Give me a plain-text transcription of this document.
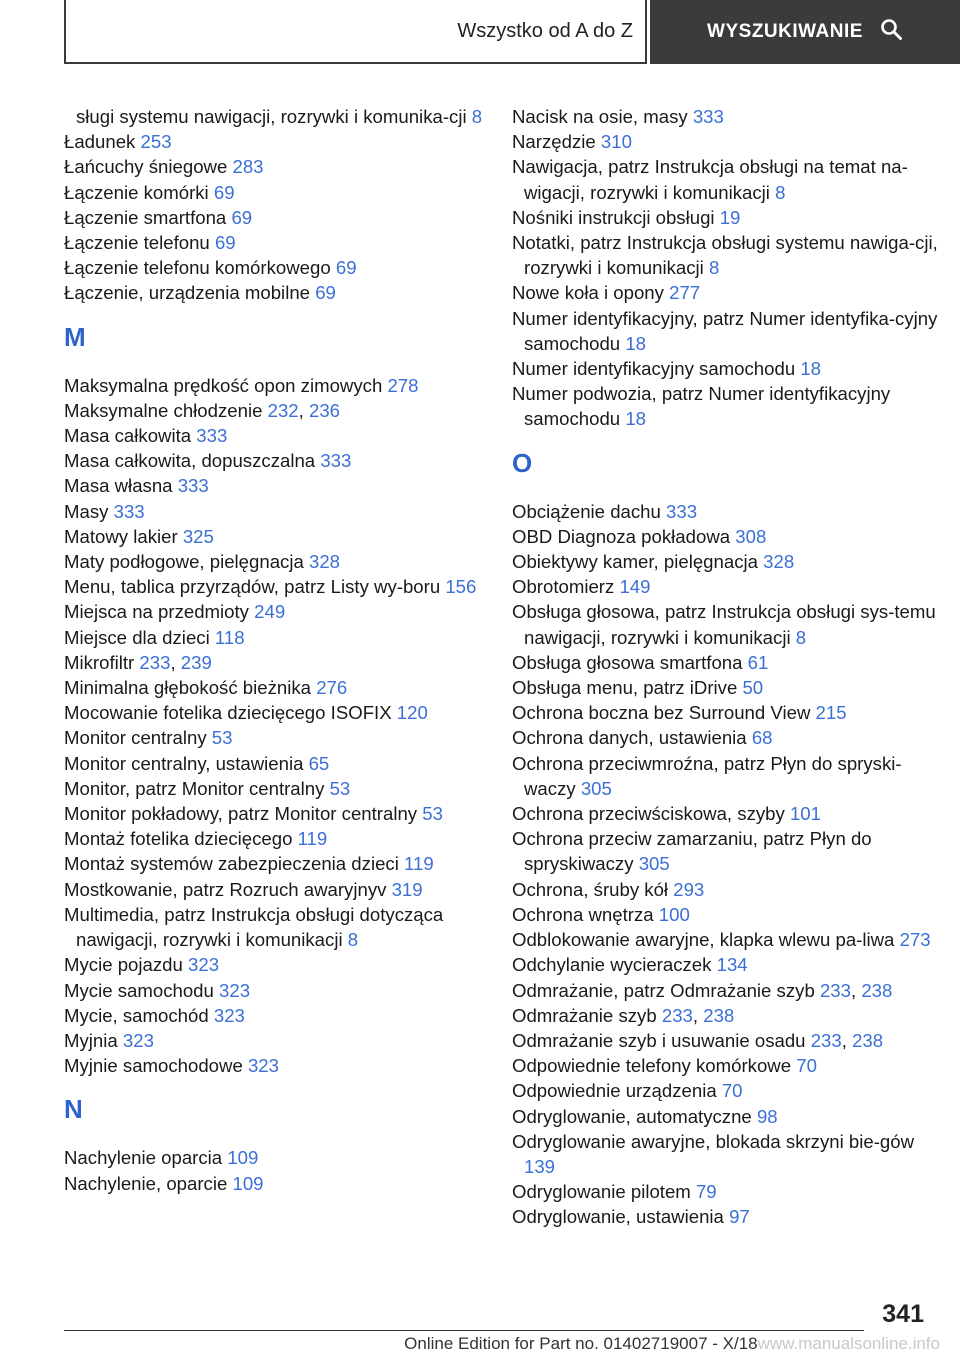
Wszystko od A do Z	WYSZUKIWANIE
sługi systemu nawigacji, rozrywki i komunika‐cji 8
Ładunek 253
Łańcuchy śniegowe 283
Łączenie komórki 69
Łączenie smartfona 69
Łączenie telefonu 69
Łączenie telefonu komórkowego 69
Łączenie, urządzenia mobilne 69
M
Maksymalna prędkość opon zimowych 278
Maksymalne chłodzenie 232, 236
Masa całkowita 333
Masa całkowita, dopuszczalna 333
Masa własna 333
Masy 333
Matowy lakier 325
Maty podłogowe, pielęgnacja 328
Menu, tablica przyrządów, patrz Listy wy‐boru 156
Miejsca na przedmioty 249
Miejsce dla dzieci 118
Mikrofiltr 233, 239
Minimalna głębokość bieżnika 276
Mocowanie fotelika dziecięcego ISOFIX 120
Monitor centralny 53
Monitor centralny, ustawienia 65
Monitor, patrz Monitor centralny 53
Monitor pokładowy, patrz Monitor centralny 53
Montaż fotelika dziecięcego 119
Montaż systemów zabezpieczenia dzieci 119
Mostkowanie, patrz Rozruch awaryjnyv 319
Multimedia, patrz Instrukcja obsługi dotycząca nawigacji, rozrywki i komunikacji 8
Mycie pojazdu 323
Mycie samochodu 323
Mycie, samochód 323
Myjnia 323
Myjnie samochodowe 323
N
Nachylenie oparcia 109
Nachylenie, oparcie 109
Nacisk na osie, masy 333
Narzędzie 310
Nawigacja, patrz Instrukcja obsługi na temat na‐wigacji, rozrywki i komunikacji 8
Nośniki instrukcji obsługi 19
Notatki, patrz Instrukcja obsługi systemu nawiga‐cji, rozrywki i komunikacji 8
Nowe koła i opony 277
Numer identyfikacyjny, patrz Numer identyfika‐cyjny samochodu 18
Numer identyfikacyjny samochodu 18
Numer podwozia, patrz Numer identyfikacyjny samochodu 18
O
Obciążenie dachu 333
OBD Diagnoza pokładowa 308
Obiektywy kamer, pielęgnacja 328
Obrotomierz 149
Obsługa głosowa, patrz Instrukcja obsługi sys‐temu nawigacji, rozrywki i komunikacji 8
Obsługa głosowa smartfona 61
Obsługa menu, patrz iDrive 50
Ochrona boczna bez Surround View 215
Ochrona danych, ustawienia 68
Ochrona przeciwmroźna, patrz Płyn do spryski‐waczy 305
Ochrona przeciwściskowa, szyby 101
Ochrona przeciw zamarzaniu, patrz Płyn do spryskiwaczy 305
Ochrona, śruby kół 293
Ochrona wnętrza 100
Odblokowanie awaryjne, klapka wlewu pa‐liwa 273
Odchylanie wycieraczek 134
Odmrażanie, patrz Odmrażanie szyb 233, 238
Odmrażanie szyb 233, 238
Odmrażanie szyb i usuwanie osadu 233, 238
Odpowiednie telefony komórkowe 70
Odpowiednie urządzenia 70
Odryglowanie, automatyczne 98
Odryglowanie awaryjne, blokada skrzyni bie‐gów 139
Odryglowanie pilotem 79
Odryglowanie, ustawienia 97
341
Online Edition for Part no. 01402719007 - X/18www.manualsonline.info
